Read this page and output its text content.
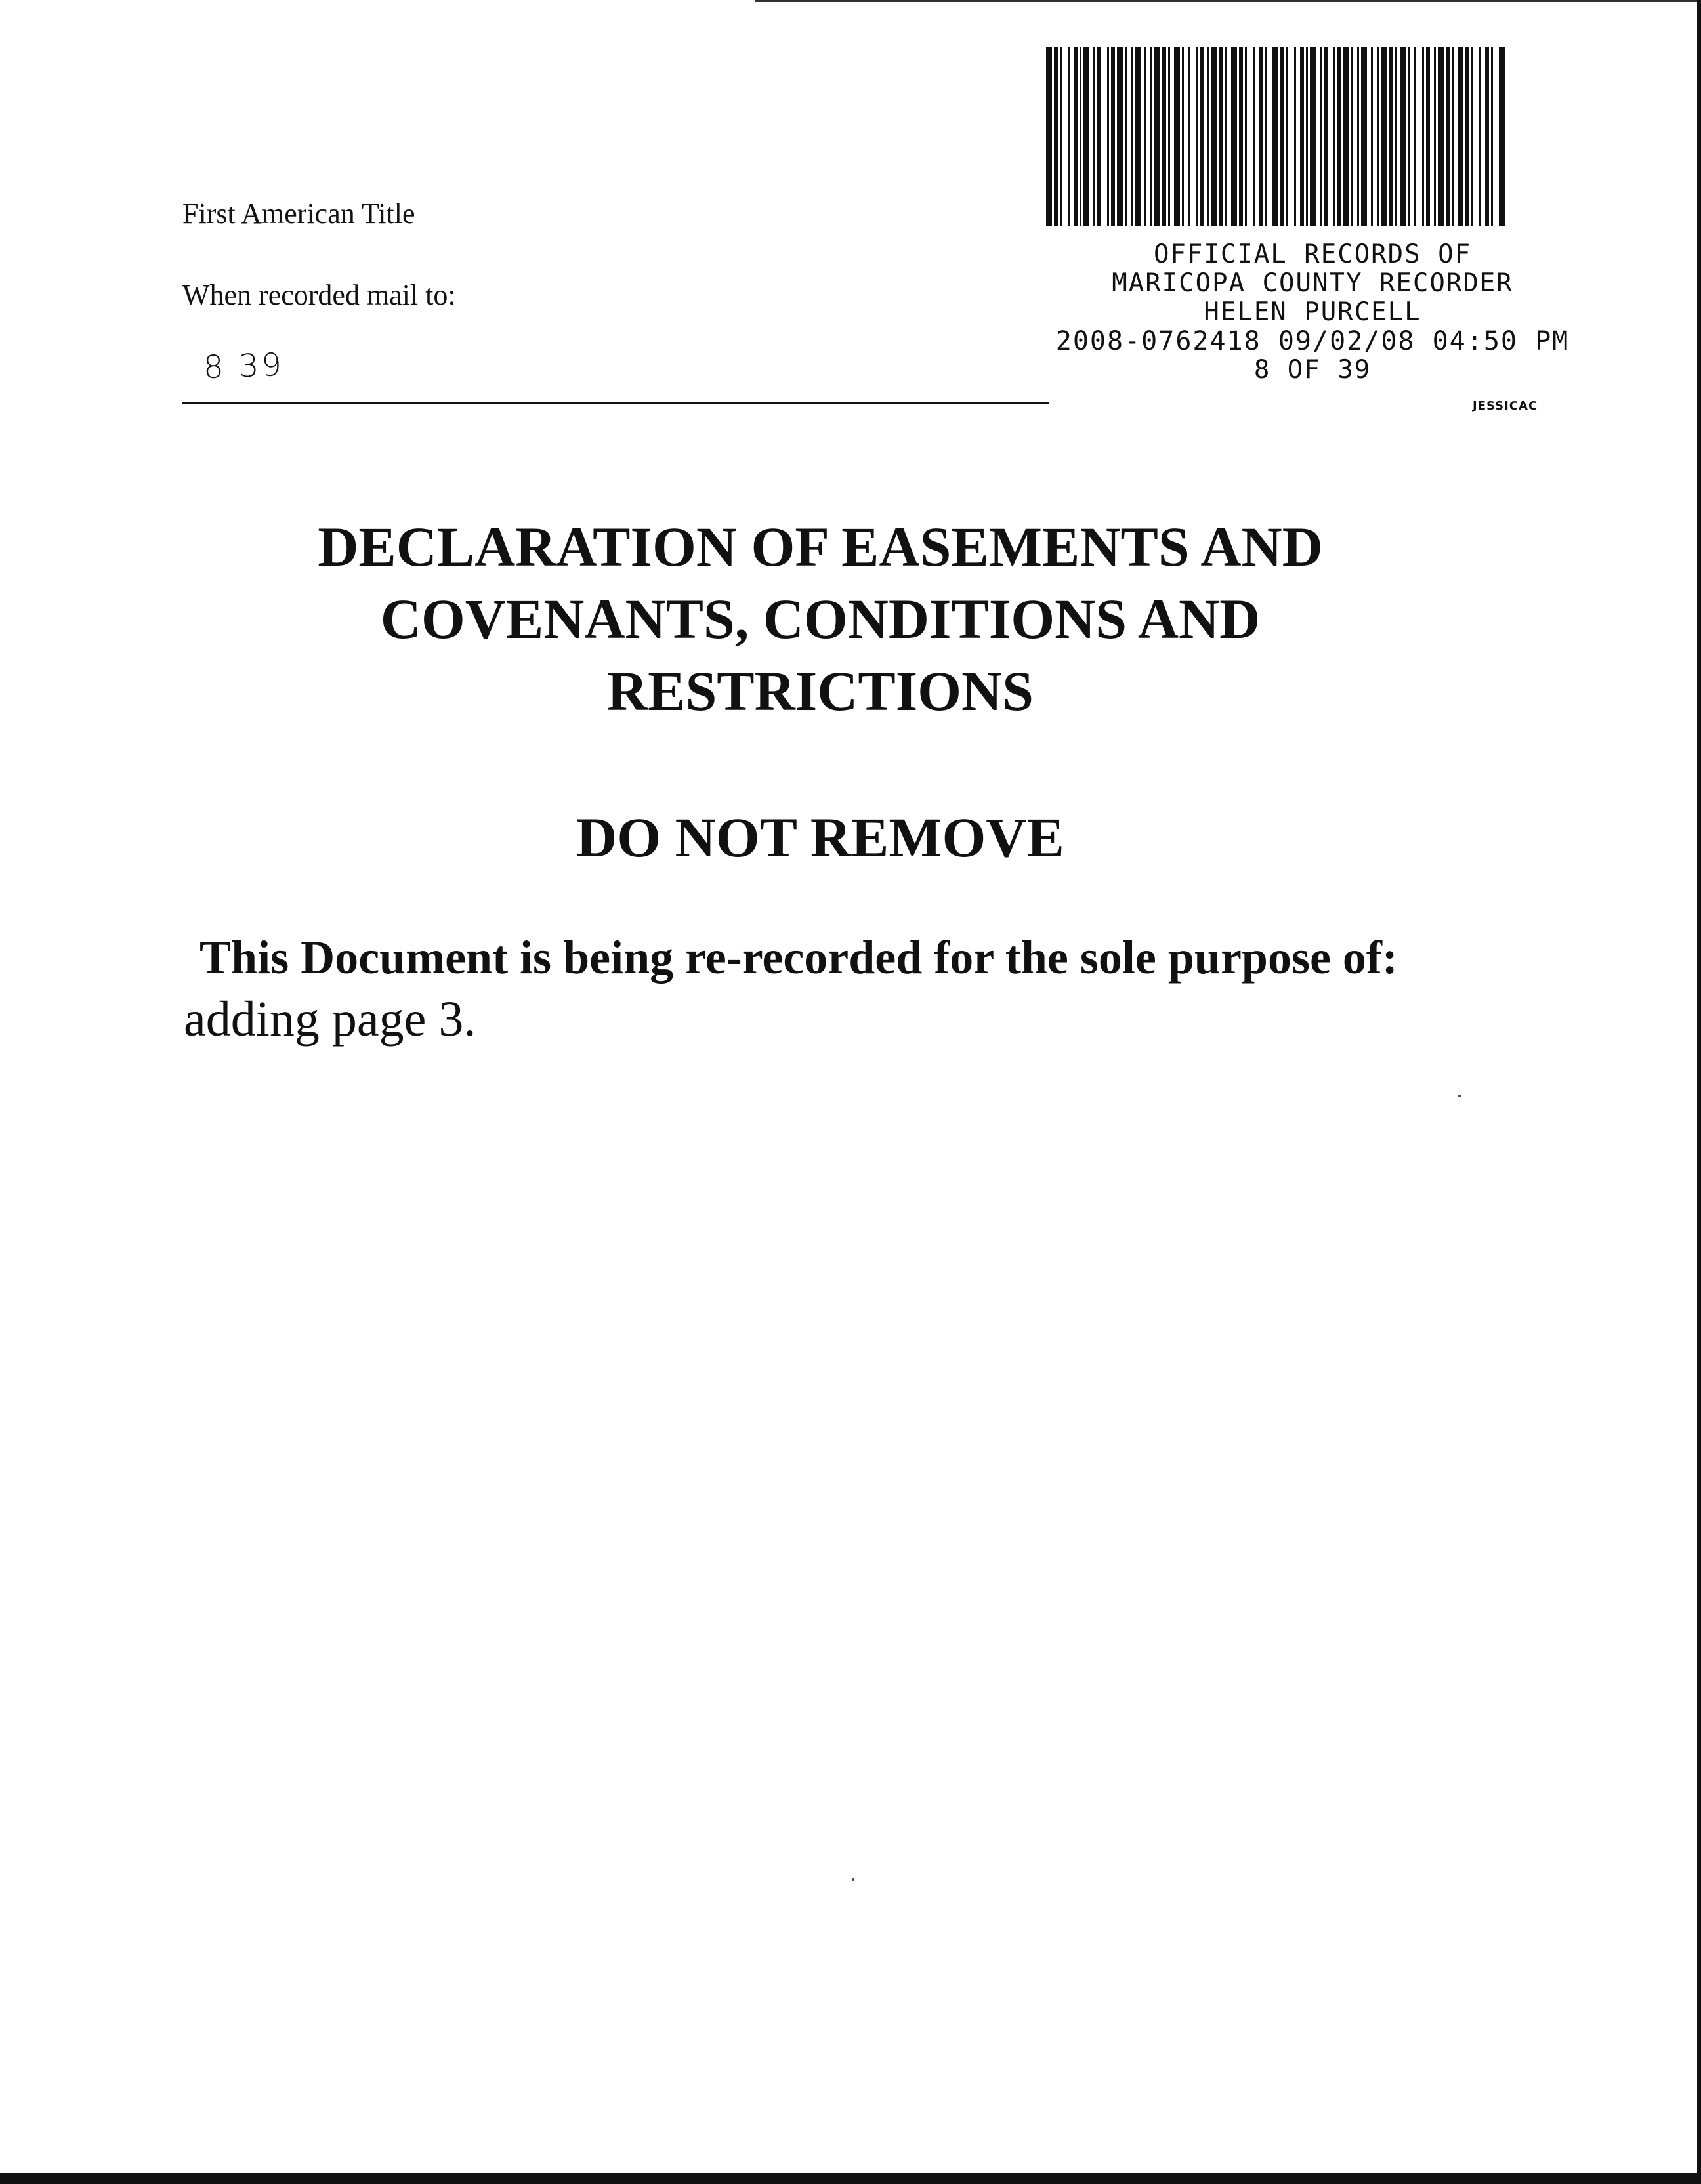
First American Title
When recorded mail to:
8 39
OFFICIAL RECORDS OF
MARICOPA COUNTY RECORDER
HELEN PURCELL
2008-0762418 09/02/08 04:50 PM
8 OF 39
JESSICAC
DECLARATION OF EASEMENTS AND
COVENANTS, CONDITIONS AND
RESTRICTIONS
DO NOT REMOVE
This Document is being re-recorded for the sole purpose of:
adding page 3.
